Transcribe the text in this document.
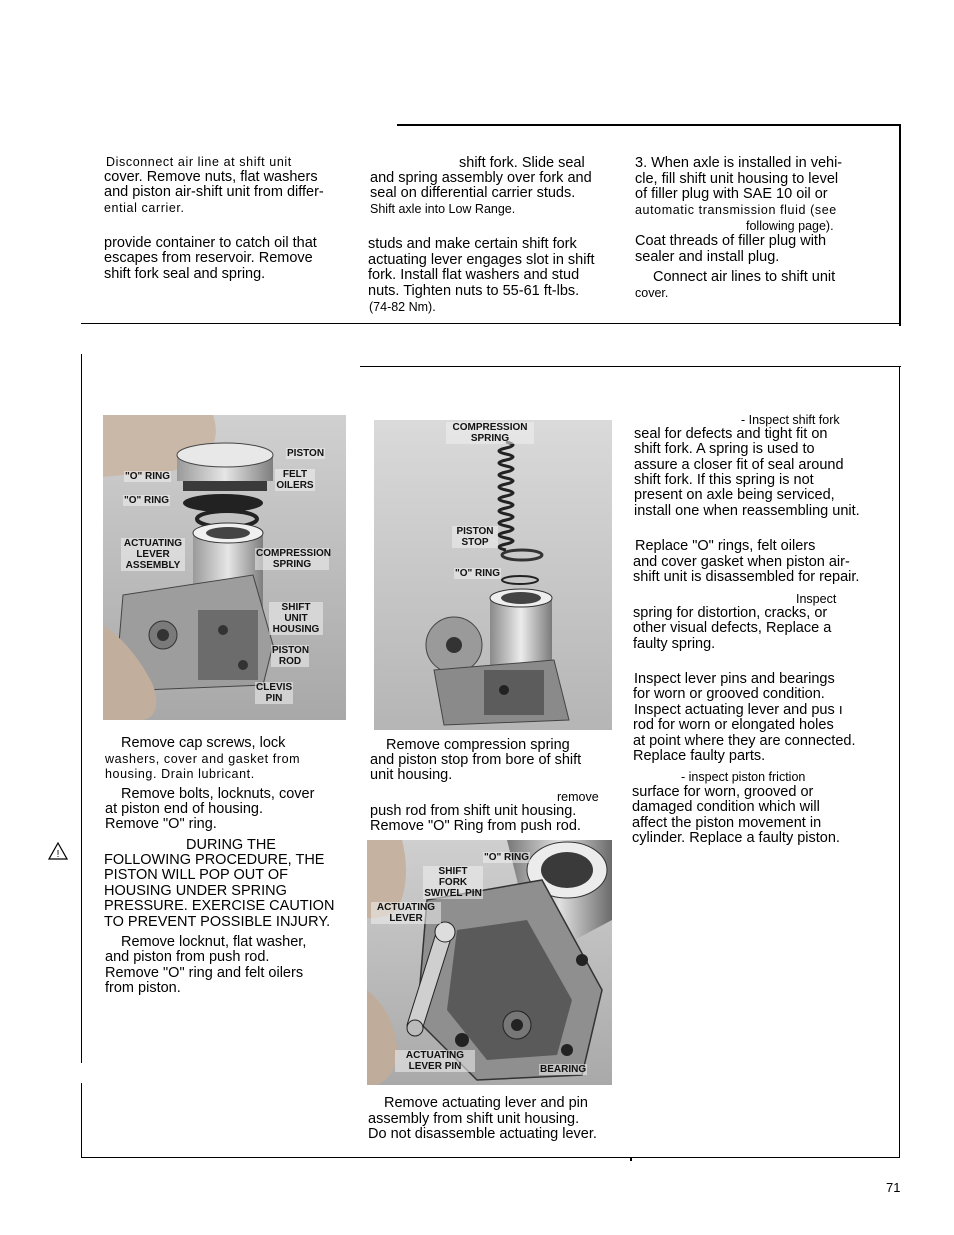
Disconnect air line at shift unit
cover. Remove nuts, flat washers
and piston air-shift unit from differ-
ential carrier.
provide container to catch oil that
escapes from reservoir. Remove
shift fork seal and spring.
shift fork. Slide seal
and spring assembly over fork and
seal on differential carrier studs.
Shift axle into Low Range.
studs and make certain shift fork
actuating lever engages slot in shift
fork. Install flat washers and stud
nuts. Tighten nuts to 55-61 ft-lbs.
(74-82 Nm).
3. When axle is installed in vehi-
cle, fill shift unit housing to level
of filler plug with SAE 10 oil or
automatic transmission fluid (see
following page).
Coat threads of filler plug with
sealer and install plug.
Connect air lines to shift unit
cover.
PISTON
FELT OILERS
"O" RING
"O" RING
ACTUATING LEVER ASSEMBLY
COMPRESSION SPRING
SHIFT UNIT HOUSING
PISTON ROD
CLEVIS PIN
Remove cap screws, lock
washers, cover and gasket from
housing. Drain lubricant.
Remove bolts, locknuts, cover
at piston end of housing.
Remove "O" ring.
!
DURING THE
FOLLOWING PROCEDURE, THE
PISTON WILL POP OUT OF
HOUSING UNDER SPRING
PRESSURE. EXERCISE CAUTION
TO PREVENT POSSIBLE INJURY.
Remove locknut, flat washer,
and piston from push rod.
Remove "O" ring and felt oilers
from piston.
COMPRESSION SPRING
PISTON STOP
"O" RING
Remove compression spring
and piston stop from bore of shift
unit housing.
remove
push rod from shift unit housing.
Remove "O" Ring from push rod.
"O" RING
SHIFT FORK SWIVEL PIN
ACTUATING LEVER
ACTUATING LEVER PIN	BEARING
Remove actuating lever and pin
assembly from shift unit housing.
Do not disassemble actuating lever.
- Inspect shift fork
seal for defects and tight fit on
shift fork. A spring is used to
assure a closer fit of seal around
shift fork. If this spring is not
present on axle being serviced,
install one when reassembling unit.
Replace "O" rings, felt oilers
and cover gasket when piston air-
shift unit is disassembled for repair.
Inspect
spring for distortion, cracks, or
other visual defects, Replace a
faulty spring.
Inspect lever pins and bearings
for worn or grooved condition.
Inspect actuating lever and pus ı
rod for worn or elongated holes
at point where they are connected.
Replace faulty parts.
- inspect piston friction
surface for worn, grooved or
damaged condition which will
affect the piston movement in
cylinder. Replace a faulty piston.
71
